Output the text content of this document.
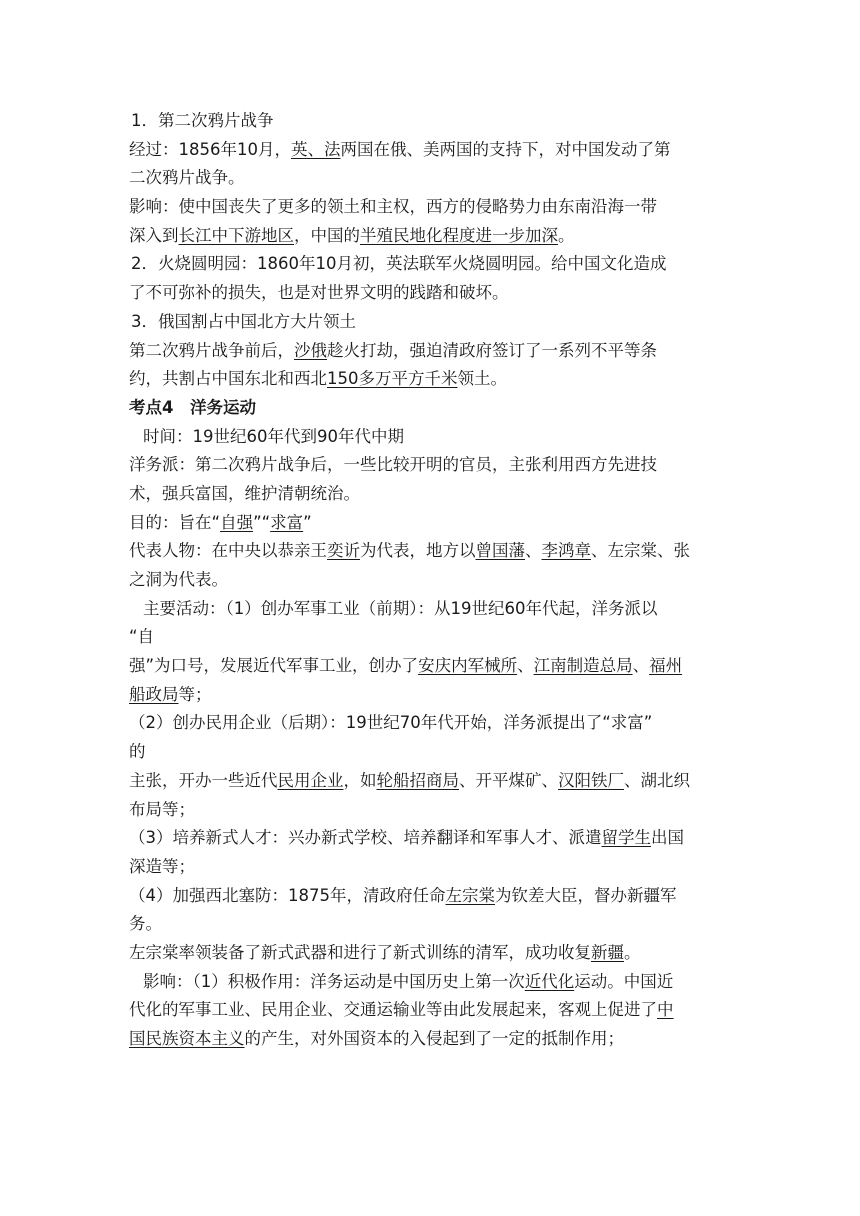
1．第二次鸦片战争
经过：1856年10月，英、法两国在俄、美两国的支持下，对中国发动了第
二次鸦片战争。
影响：使中国丧失了更多的领土和主权，西方的侵略势力由东南沿海一带
深入到长江中下游地区，中国的半殖民地化程度进一步加深。
2．火烧圆明园：1860年10月初，英法联军火烧圆明园。给中国文化造成
了不可弥补的损失，也是对世界文明的践踏和破坏。
3．俄国割占中国北方大片领土
第二次鸦片战争前后，沙俄趁火打劫，强迫清政府签订了一系列不平等条
约，共割占中国东北和西北150多万平方千米领土。
考点4　洋务运动
时间：19世纪60年代到90年代中期
洋务派：第二次鸦片战争后，一些比较开明的官员，主张利用西方先进技
术，强兵富国，维护清朝统治。
目的：旨在“自强”“求富”
代表人物：在中央以恭亲王奕䜣为代表，地方以曾国藩、李鸿章、左宗棠、张
之洞为代表。
主要活动：（1）创办军事工业（前期）：从19世纪60年代起，洋务派以
“自
强”为口号，发展近代军事工业，创办了安庆内军械所、江南制造总局、福州
船政局等；
（2）创办民用企业（后期）：19世纪70年代开始，洋务派提出了“求富”
的
主张，开办一些近代民用企业，如轮船招商局、开平煤矿、汉阳铁厂、湖北织
布局等；
（3）培养新式人才：兴办新式学校、培养翻译和军事人才、派遣留学生出国
深造等；
（4）加强西北塞防：1875年，清政府任命左宗棠为钦差大臣，督办新疆军
务。
左宗棠率领装备了新式武器和进行了新式训练的清军，成功收复新疆。
影响：（1）积极作用：洋务运动是中国历史上第一次近代化运动。中国近
代化的军事工业、民用企业、交通运输业等由此发展起来，客观上促进了中
国民族资本主义的产生，对外国资本的入侵起到了一定的抵制作用；
